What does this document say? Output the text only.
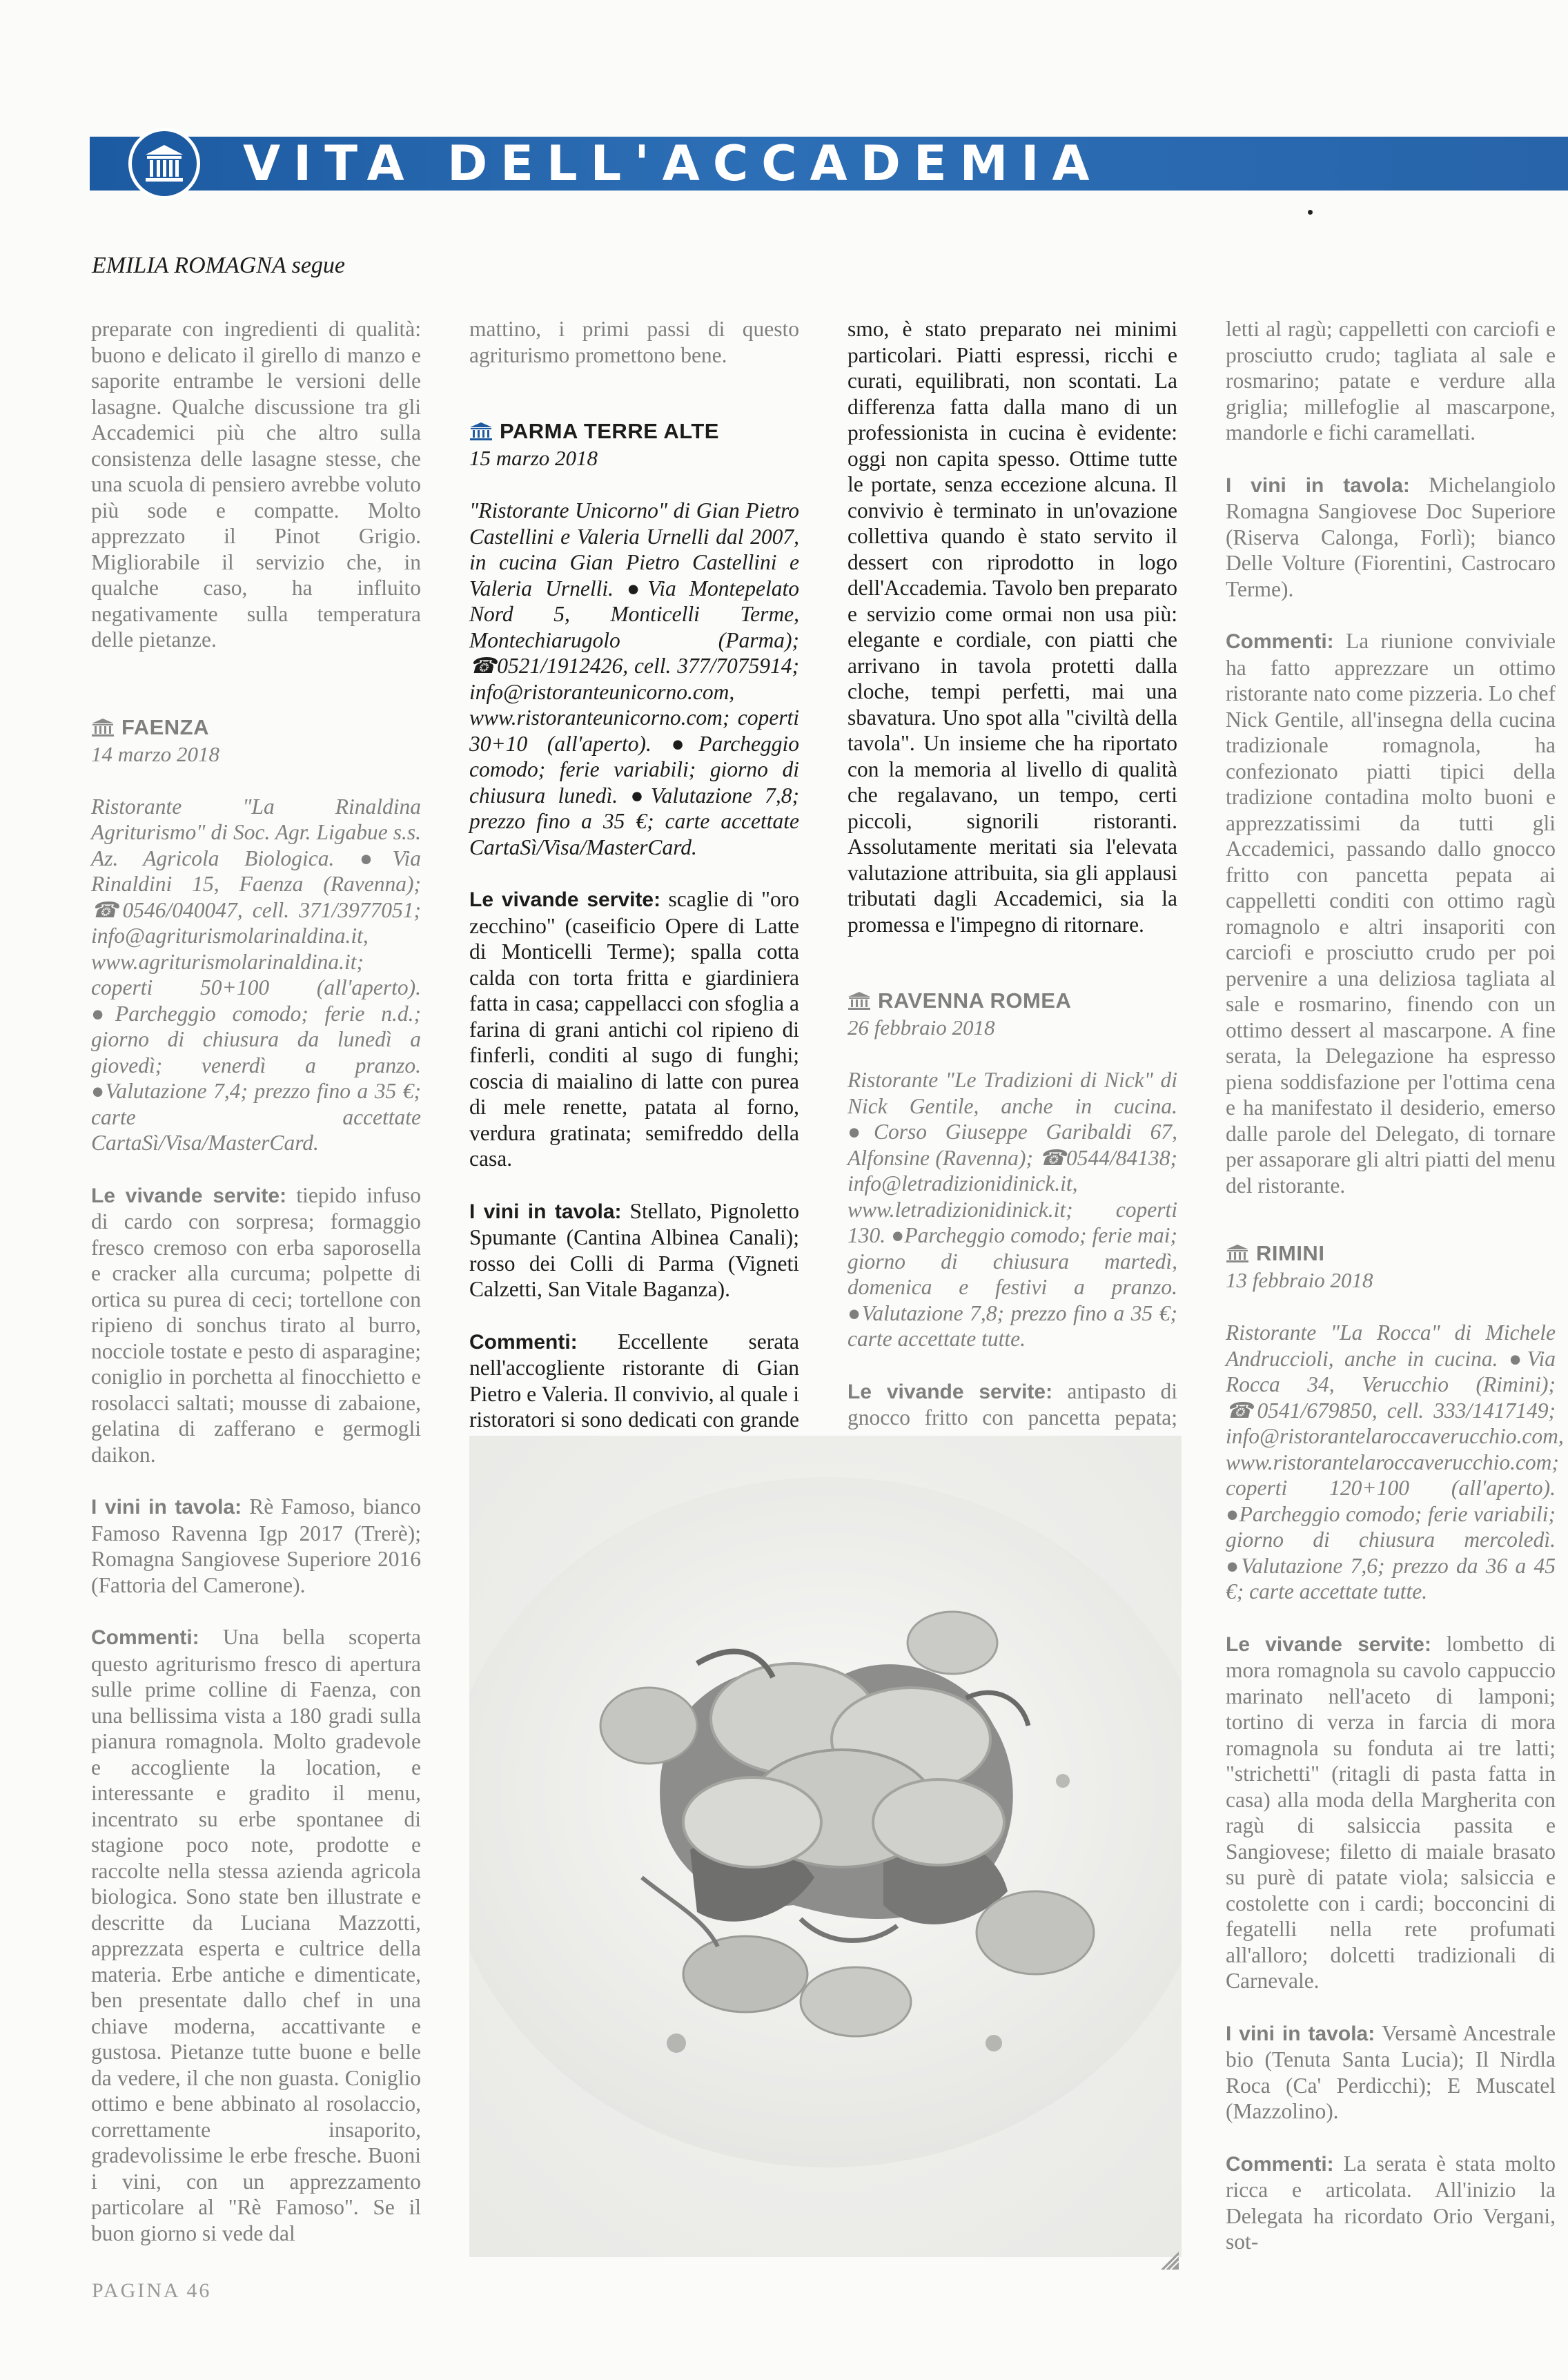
VITA DELL'ACCADEMIA
EMILIA ROMAGNA segue

preparate con ingredienti di qualità: buono e delicato il girello di manzo e saporite entrambe le versioni delle lasagne. Qualche discussione tra gli Accademici più che altro sulla consistenza delle lasagne stesse, che una scuola di pensiero avrebbe voluto più sode e compatte. Molto apprezzato il Pinot Grigio. Migliorabile il servizio che, in qualche caso, ha influito negativamente sulla temperatura delle pietanze.

FAENZA

14 marzo 2018

Ristorante "La Rinaldina Agriturismo" di Soc. Agr. Ligabue s.s. Az. Agricola Biologica. ●Via Rinaldini 15, Faenza (Ravenna); ☎0546/040047, cell. 371/3977051; info@agriturismolarinaldina.it, www.agriturismolarinaldina.it; coperti 50+100 (all'aperto). ●Parcheggio comodo; ferie n.d.; giorno di chiusura da lunedì a giovedì; venerdì a pranzo. ●Valutazione 7,4; prezzo fino a 35 €; carte accettate CartaSì/Visa/MasterCard.

Le vivande servite: tiepido infuso di cardo con sorpresa; formaggio fresco cremoso con erba saporosella e cracker alla curcuma; polpette di ortica su purea di ceci; tortellone con ripieno di sonchus tirato al burro, nocciole tostate e pesto di asparagine; coniglio in porchetta al finocchietto e rosolacci saltati; mousse di zabaione, gelatina di zafferano e germogli daikon.

I vini in tavola: Rè Famoso, bianco Famoso Ravenna Igp 2017 (Trerè); Romagna Sangiovese Superiore 2016 (Fattoria del Camerone).

Commenti: Una bella scoperta questo agriturismo fresco di apertura sulle prime colline di Faenza, con una bellissima vista a 180 gradi sulla pianura romagnola. Molto gradevole e accogliente la location, e interessante e gradito il menu, incentrato su erbe spontanee di stagione poco note, prodotte e raccolte nella stessa azienda agricola biologica. Sono state ben illustrate e descritte da Luciana Mazzotti, apprezzata esperta e cultrice della materia. Erbe antiche e dimenticate, ben presentate dallo chef in una chiave moderna, accattivante e gustosa. Pietanze tutte buone e belle da vedere, il che non guasta. Coniglio ottimo e bene abbinato al rosolaccio, correttamente insaporito, gradevolissime le erbe fresche. Buoni i vini, con un apprezzamento particolare al "Rè Famoso". Se il buon giorno si vede dal

mattino, i primi passi di questo agriturismo promettono bene.

PARMA TERRE ALTE

15 marzo 2018

"Ristorante Unicorno" di Gian Pietro Castellini e Valeria Urnelli dal 2007, in cucina Gian Pietro Castellini e Valeria Urnelli. ●Via Montepelato Nord 5, Monticelli Terme, Montechiarugolo (Parma); ☎0521/1912426, cell. 377/7075914; info@ristoranteunicorno.com, www.ristoranteunicorno.com; coperti 30+10 (all'aperto). ●Parcheggio comodo; ferie variabili; giorno di chiusura lunedì. ●Valutazione 7,8; prezzo fino a 35 €; carte accettate CartaSì/Visa/MasterCard.

Le vivande servite: scaglie di "oro zecchino" (caseificio Opere di Latte di Monticelli Terme); spalla cotta calda con torta fritta e giardiniera fatta in casa; cappellacci con sfoglia a farina di grani antichi col ripieno di finferli, conditi al sugo di funghi; coscia di maialino di latte con purea di mele renette, patata al forno, verdura gratinata; semifreddo della casa.

I vini in tavola: Stellato, Pignoletto Spumante (Cantina Albinea Canali); rosso dei Colli di Parma (Vigneti Calzetti, San Vitale Baganza).

Commenti: Eccellente serata nell'accogliente ristorante di Gian Pietro e Valeria. Il convivio, al quale i ristoratori si sono dedicati con grande

smo, è stato preparato nei minimi particolari. Piatti espressi, ricchi e curati, equilibrati, non scontati. La differenza fatta dalla mano di un professionista in cucina è evidente: oggi non capita spesso. Ottime tutte le portate, senza eccezione alcuna. Il convivio è terminato in un'ovazione collettiva quando è stato servito il dessert con riprodotto in logo dell'Accademia. Tavolo ben preparato e servizio come ormai non usa più: elegante e cordiale, con piatti che arrivano in tavola protetti dalla cloche, tempi perfetti, mai una sbavatura. Uno spot alla "civiltà della tavola". Un insieme che ha riportato con la memoria al livello di qualità che regalavano, un tempo, certi piccoli, signorili ristoranti. Assolutamente meritati sia l'elevata valutazione attribuita, sia gli applausi tributati dagli Accademici, sia la promessa e l'impegno di ritornare.

RAVENNA ROMEA

26 febbraio 2018

Ristorante "Le Tradizioni di Nick" di Nick Gentile, anche in cucina. ●Corso Giuseppe Garibaldi 67, Alfonsine (Ravenna); ☎0544/84138; info@letradizionidinick.it, www.letradizionidinick.it; coperti 130. ●Parcheggio comodo; ferie mai; giorno di chiusura martedì, domenica e festivi a pranzo. ●Valutazione 7,8; prezzo fino a 35 €; carte accettate tutte.

Le vivande servite: antipasto di gnocco fritto con pancetta pepata;

letti al ragù; cappelletti con carciofi e prosciutto crudo; tagliata al sale e rosmarino; patate e verdure alla griglia; millefoglie al mascarpone, mandorle e fichi caramellati.

I vini in tavola: Michelangiolo Romagna Sangiovese Doc Superiore (Riserva Calonga, Forlì); bianco Delle Volture (Fiorentini, Castrocaro Terme).

Commenti: La riunione conviviale ha fatto apprezzare un ottimo ristorante nato come pizzeria. Lo chef Nick Gentile, all'insegna della cucina tradizionale romagnola, ha confezionato piatti tipici della tradizione contadina molto buoni e apprezzatissimi da tutti gli Accademici, passando dallo gnocco fritto con pancetta pepata ai cappelletti conditi con ottimo ragù romagnolo e altri insaporiti con carciofi e prosciutto crudo per poi pervenire a una deliziosa tagliata al sale e rosmarino, finendo con un ottimo dessert al mascarpone. A fine serata, la Delegazione ha espresso piena soddisfazione per l'ottima cena e ha manifestato il desiderio, emerso dalle parole del Delegato, di tornare per assaporare gli altri piatti del menu del ristorante.

RIMINI

13 febbraio 2018

Ristorante "La Rocca" di Michele Andruccioli, anche in cucina. ●Via Rocca 34, Verucchio (Rimini); ☎0541/679850, cell. 333/1417149; info@ristorantelaroccaverucchio.com, www.ristorantelaroccaverucchio.com; coperti 120+100 (all'aperto). ●Parcheggio comodo; ferie variabili; giorno di chiusura mercoledì. ●Valutazione 7,6; prezzo da 36 a 45 €; carte accettate tutte.

Le vivande servite: lombetto di mora romagnola su cavolo cappuccio marinato nell'aceto di lamponi; tortino di verza in farcia di mora romagnola su fonduta ai tre latti; "strichetti" (ritagli di pasta fatta in casa) alla moda della Margherita con ragù di salsiccia passita e Sangiovese; filetto di maiale brasato su purè di patate viola; salsiccia e costolette con i cardi; bocconcini di fegatelli nella rete profumati all'alloro; dolcetti tradizionali di Carnevale.

I vini in tavola: Versamè Ancestrale bio (Tenuta Santa Lucia); Il Nirdla Roca (Ca' Perdicchi); E Muscatel (Mazzolino).

Commenti: La serata è stata molto ricca e articolata. All'inizio la Delegata ha ricordato Orio Vergani, sot-

PAGINA 46
